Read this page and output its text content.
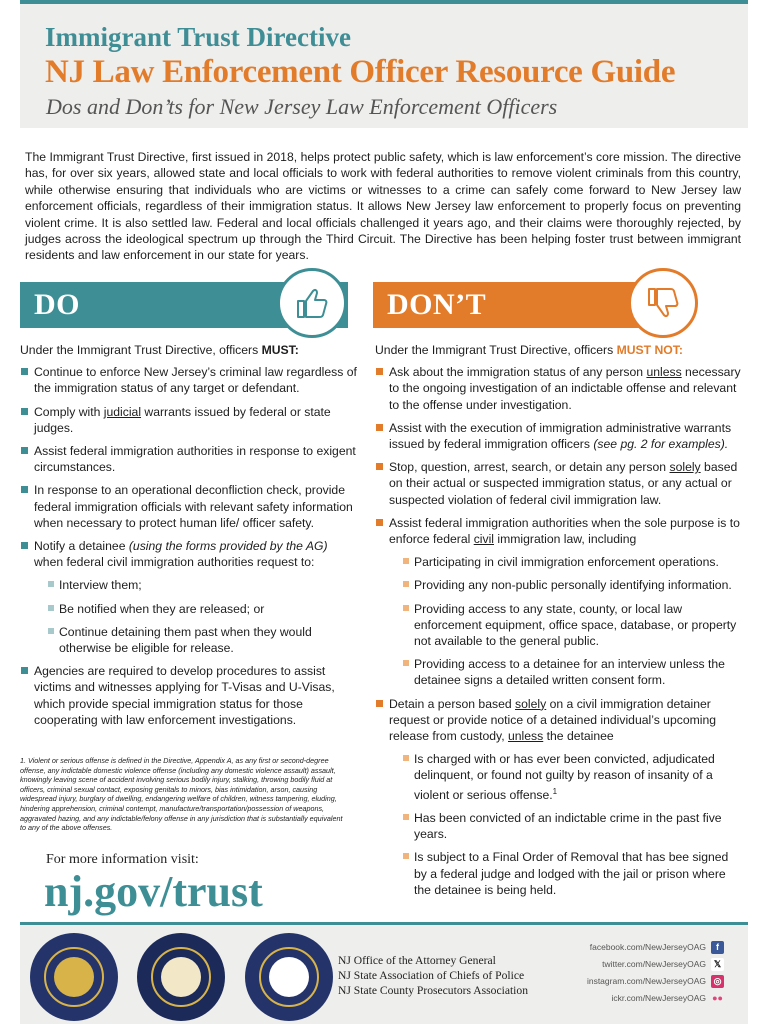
Immigrant Trust Directive
NJ Law Enforcement Officer Resource Guide
Dos and Don’ts for New Jersey Law Enforcement Officers

The Immigrant Trust Directive, first issued in 2018, helps protect public safety, which is law enforcement’s core mission. The directive has, for over six years, allowed state and local officials to work with federal authorities to remove violent criminals from this country, while otherwise ensuring that individuals who are victims or witnesses to a crime can safely come forward to New Jersey law enforcement officials, regardless of their immigration status. It allows New Jersey law enforcement to properly focus on preventing violent crime. It is also settled law. Federal and local officials challenged it years ago, and their claims were thoroughly rejected, by judges across the ideological spectrum up through the Third Circuit. The Directive has been helping foster trust between immigrant residents and law enforcement in our state for years.

DO	DON’T
Under the Immigrant Trust Directive, officers MUST:
Continue to enforce New Jersey’s criminal law regardless of the immigration status of any target or defendant.
Comply with judicial warrants issued by federal or state judges.
Assist federal immigration authorities in response to exigent circumstances.
In response to an operational deconfliction check, provide federal immigration officials with relevant safety information when necessary to protect human life/ officer safety.
Notify a detainee (using the forms provided by the AG) when federal civil immigration authorities request to:
Interview them;
Be notified when they are released; or
Continue detaining them past when they would otherwise be eligible for release.
Agencies are required to develop procedures to assist victims and witnesses applying for T-Visas and U-Visas, which provide special immigration status for those cooperating with law enforcement investigations.
Under the Immigrant Trust Directive, officers MUST NOT:
Ask about the immigration status of any person unless necessary to the ongoing investigation of an indictable offense and relevant to the offense under investigation.
Assist with the execution of immigration administrative warrants issued by federal immigration officers (see pg. 2 for examples).
Stop, question, arrest, search, or detain any person solely based on their actual or suspected immigration status, or any actual or suspected violation of federal civil immigration law.
Assist federal immigration authorities when the sole purpose is to enforce federal civil immigration law, including
Participating in civil immigration enforcement operations.
Providing any non-public personally identifying information.
Providing access to any state, county, or local law enforcement equipment, office space, database, or property not available to the general public.
Providing access to a detainee for an interview unless the detainee signs a detailed written consent form.
Detain a person based solely on a civil immigration detainer request or provide notice of a detained individual’s upcoming release from custody, unless the detainee
Is charged with or has ever been convicted, adjudicated delinquent, or found not guilty by reason of insanity of a violent or serious offense.$^1$
Has been convicted of an indictable crime in the past five years.
Is subject to a Final Order of Removal that has bee signed by a federal judge and lodged with the jail or prison where the detainee is being held.

1. Violent or serious offense is defined in the Directive, Appendix A, as any first or second-degree offense, any indictable domestic violence offense (including any domestic violence assault) assault, knowingly leaving scene of accident involving serious bodily injury, stalking, throwing bodily fluid at officers, criminal sexual contact, exposing genitals to minors, bias intimidation, arson, causing widespread injury, burglary of dwelling, endangering welfare of children, witness tampering, eluding, hindering apprehension, criminal contempt, manufacture/transportation/possession of weapons, aggravated hazing, and any indictable/felony offense in any jurisdiction that is substantially equivalent to any of the above offenses.

For more information visit:
nj.gov/trust
NJ Office of the Attorney General
NJ State Association of Chiefs of Police
NJ State County Prosecutors Association
facebook.com/NewJerseyOAG f
twitter.com/NewJerseyOAG 𝕏
instagram.com/NewJerseyOAG ◎
ickr.com/NewJerseyOAG ●●
